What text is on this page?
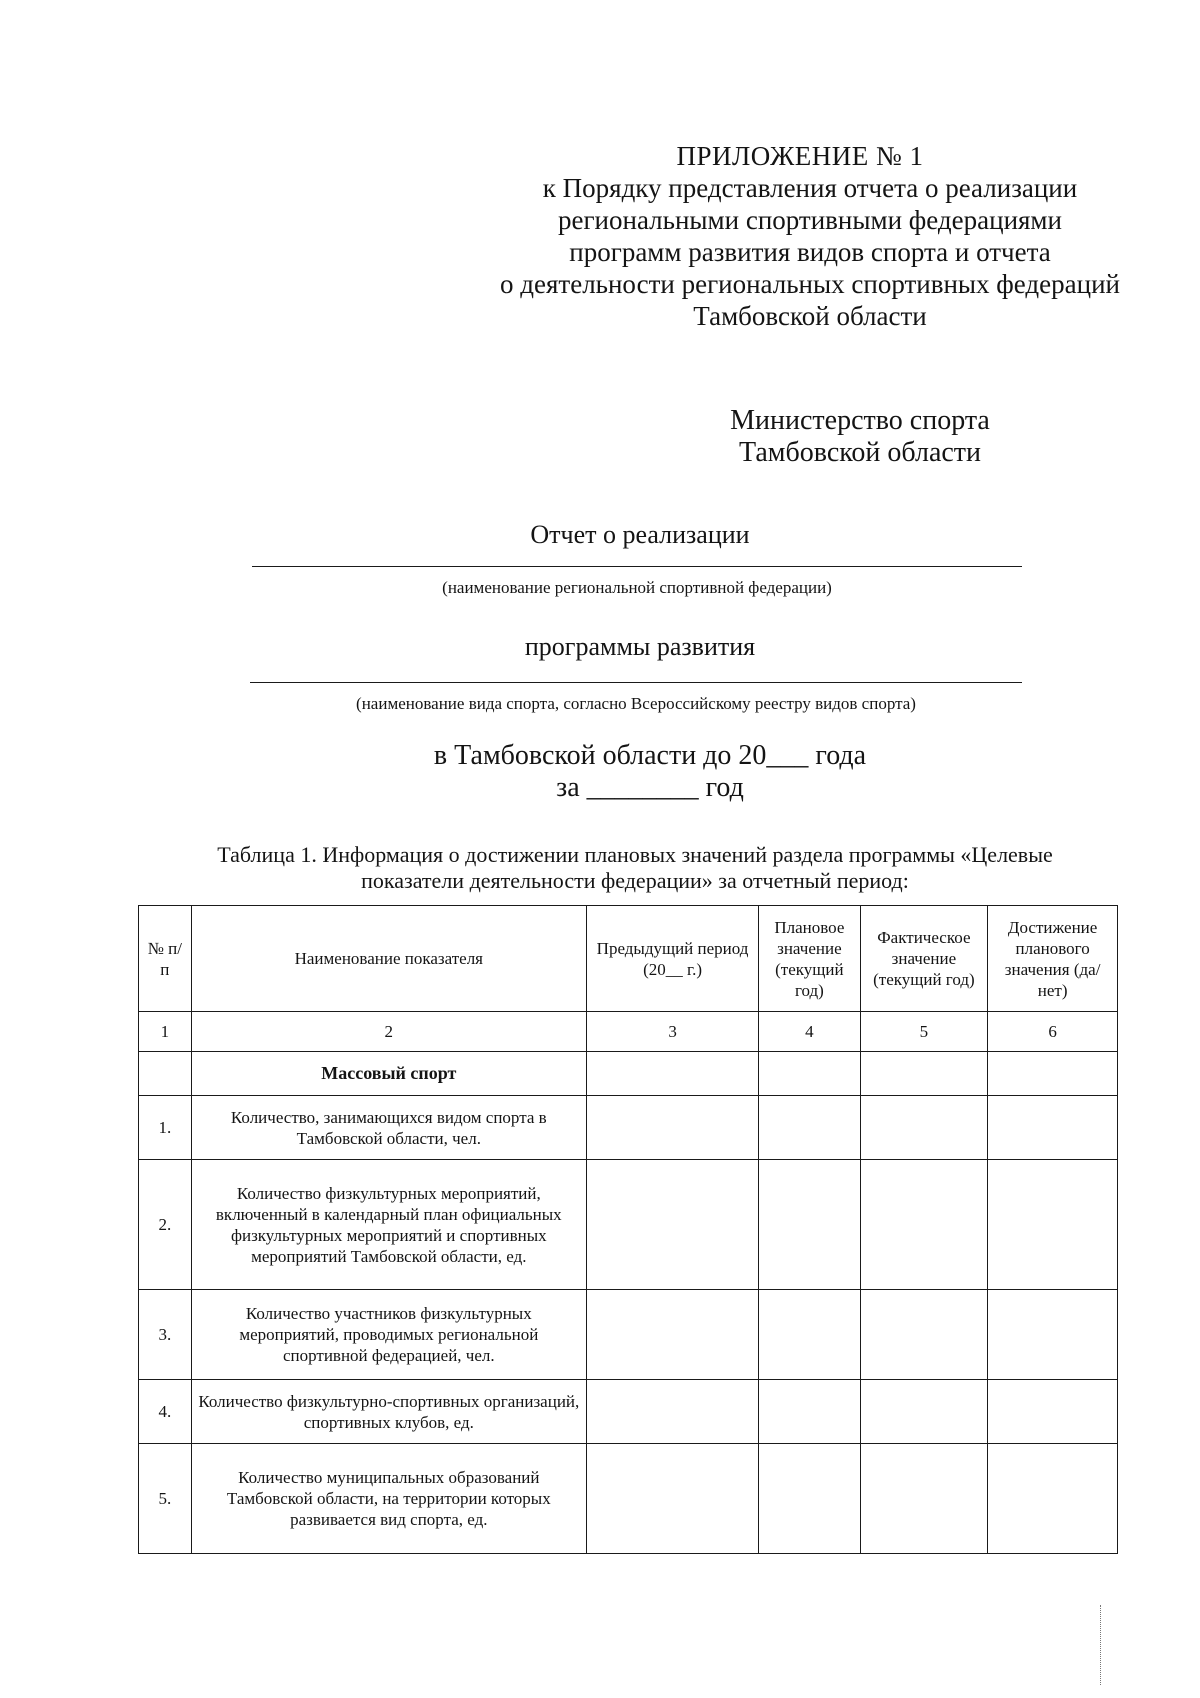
ПРИЛОЖЕНИЕ № 1
к Порядку представления отчета о реализации
региональными спортивными федерациями
программ развития видов спорта и отчета
о деятельности региональных спортивных федераций
Тамбовской области
Министерство спорта
Тамбовской области
Отчет о реализации
(наименование региональной спортивной федерации)
программы развития
(наименование вида спорта, согласно Всероссийскому реестру видов спорта)
в Тамбовской области до 20___ года
за ________ год
Таблица 1. Информация о достижении плановых значений раздела программы «Целевые
показатели деятельности федерации» за отчетный период:
№ п/п	Наименование показателя	Предыдущий период (20__ г.)	Плановое значение (текущий год)	Фактическое значение (текущий год)	Достижение планового значения (да/нет)
1	2	3	4	5	6
	Массовый спорт				
1.	Количество, занимающихся видом спорта в Тамбовской области, чел.				
2.	Количество физкультурных мероприятий, включенный в календарный план официальных физкультурных мероприятий и спортивных мероприятий Тамбовской области, ед.				
3.	Количество участников физкультурных мероприятий, проводимых региональной спортивной федерацией, чел.				
4.	Количество физкультурно-спортивных организаций, спортивных клубов, ед.				
5.	Количество муниципальных образований Тамбовской области, на территории которых развивается вид спорта, ед.				
